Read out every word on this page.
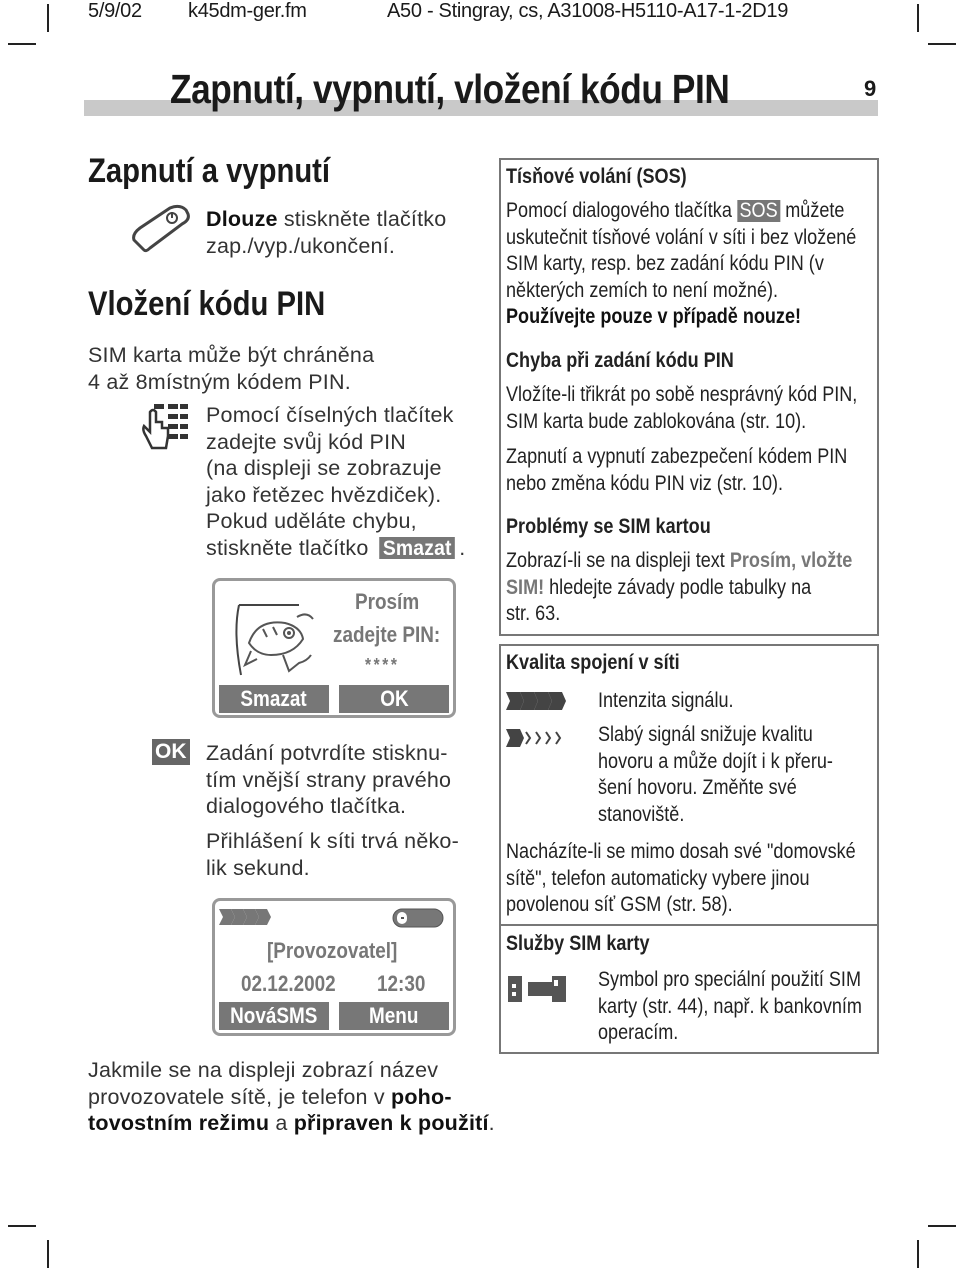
5/9/02 k45dm-ger.fm	A50 - Stingray, cs, A31008-H5110-A17-1-2D19
Zapnutí, vypnutí, vložení kódu PIN	9
Zapnutí a vypnutí
Dlouze stiskněte tlačítko
zap./vyp./ukončení.
Vložení kódu PIN
SIM karta může být chráněna
4 až 8místným kódem PIN.
Pomocí číselných tlačítek
zadejte svůj kód PIN
(na displeji se zobrazuje
jako řetězec hvězdiček).
Pokud uděláte chybu,
stiskněte tlačítko Smazat .
Prosím
zadejte PIN:
****
Smazat	OK
OK Zadání potvrdíte stisknu-
tím vnější strany pravého
dialogového tlačítka.
Přihlášení k síti trvá něko-
lik sekund.
[Provozovatel]
02.12.2002 12:30
NováSMS	Menu
Jakmile se na displeji zobrazí název
provozovatele sítě, je telefon v poho-
tovostním režimu a připraven k použití.
Tísňové volání (SOS)
Pomocí dialogového tlačítka SOS můžete
uskutečnit tísňové volání v síti i bez vložené
SIM karty, resp. bez zadání kódu PIN (v
některých zemích to není možné).
Používejte pouze v případě nouze!
Chyba při zadání kódu PIN
Vložíte-li třikrát po sobě nesprávný kód PIN,
SIM karta bude zablokována (str. 10).
Zapnutí a vypnutí zabezpečení kódem PIN
nebo změna kódu PIN viz (str. 10).
Problémy se SIM kartou
Zobrazí-li se na displeji text Prosím, vložte
SIM! hledejte závady podle tabulky na
str. 63.
Kvalita spojení v síti
Intenzita signálu.
Slabý signál snižuje kvalitu
hovoru a může dojít i k přeru-
šení hovoru. Změňte své
stanoviště.
Nacházíte-li se mimo dosah své "domovské
sítě", telefon automaticky vybere jinou
povolenou síť GSM (str. 58).
Služby SIM karty
Symbol pro speciální použití SIM
karty (str. 44), např. k bankovním
operacím.
